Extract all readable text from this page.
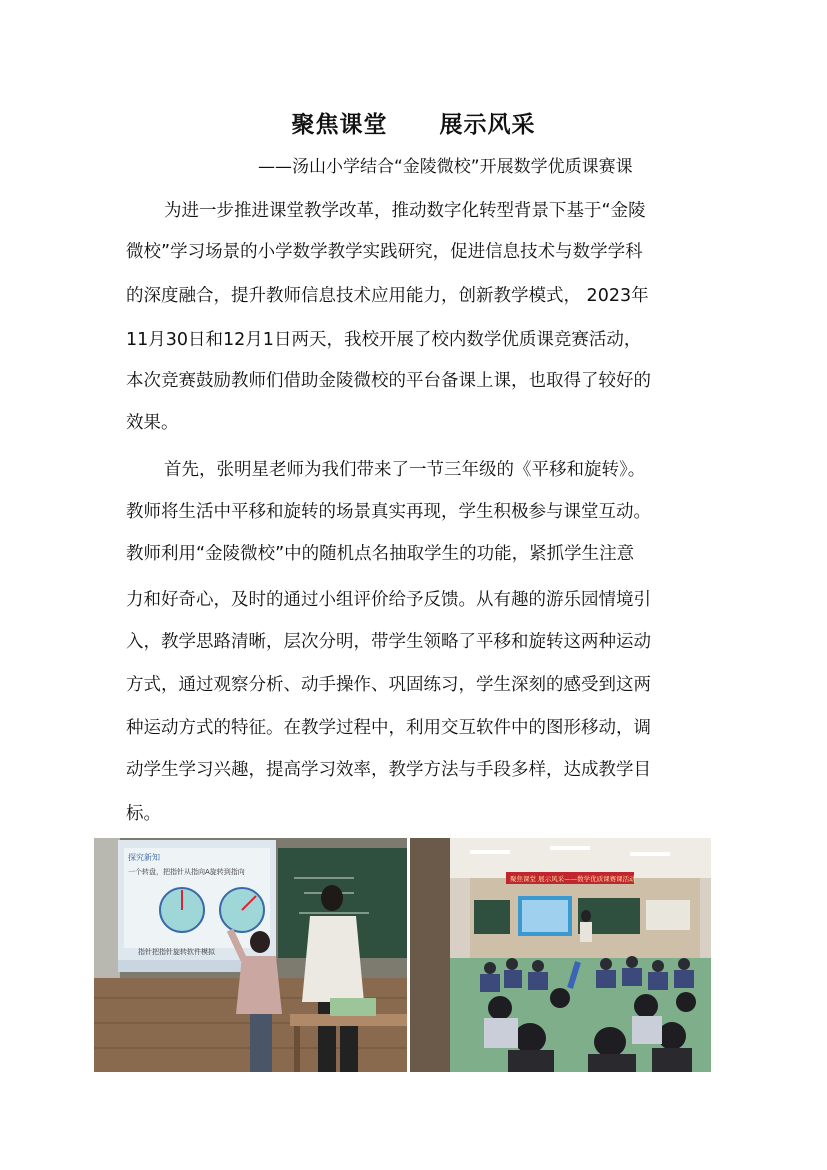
聚焦课堂 展示风采
——汤山小学结合“金陵微校”开展数学优质课赛课
为进一步推进课堂教学改革，推动数字化转型背景下基于“金陵
微校”学习场景的小学数学教学实践研究，促进信息技术与数学学科
的深度融合，提升教师信息技术应用能力，创新教学模式， 2023年
11月30日和12月1日两天，我校开展了校内数学优质课竞赛活动，
本次竞赛鼓励教师们借助金陵微校的平台备课上课，也取得了较好的
效果。
首先，张明星老师为我们带来了一节三年级的《平移和旋转》。
教师将生活中平移和旋转的场景真实再现，学生积极参与课堂互动。
教师利用“金陵微校”中的随机点名抽取学生的功能，紧抓学生注意
力和好奇心，及时的通过小组评价给予反馈。从有趣的游乐园情境引
入，教学思路清晰，层次分明，带学生领略了平移和旋转这两种运动
方式，通过观察分析、动手操作、巩固练习，学生深刻的感受到这两
种运动方式的特征。在教学过程中，利用交互软件中的图形移动，调
动学生学习兴趣，提高学习效率，教学方法与手段多样，达成教学目
标。
探究新知
一个转盘，把指针从指向A旋转到指向
指针把指针旋转软件模拟
聚焦课堂 展示风采——数学优质课赛课活动
